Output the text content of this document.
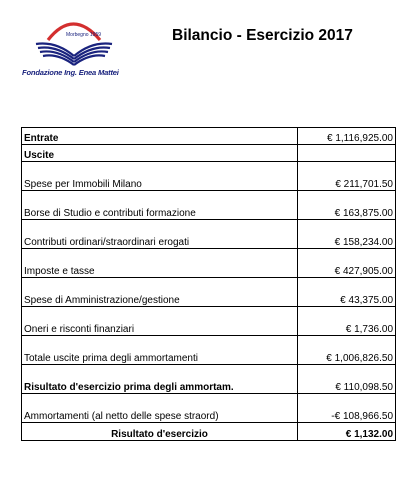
Morbegno 1959
Fondazione Ing. Enea Mattei
Bilancio - Esercizio 2017
Entrate	€ 1,116,925.00
Uscite	
Spese per Immobili Milano	€ 211,701.50
Borse di Studio e contributi formazione	€ 163,875.00
Contributi ordinari/straordinari erogati	€ 158,234.00
Imposte e tasse	€ 427,905.00
Spese di Amministrazione/gestione	€ 43,375.00
Oneri e risconti finanziari	€ 1,736.00
Totale uscite prima degli ammortamenti	€ 1,006,826.50
Risultato d'esercizio prima degli ammortam.	€ 110,098.50
Ammortamenti (al netto delle spese straord)	-€ 108,966.50
Risultato d'esercizio	€ 1,132.00
